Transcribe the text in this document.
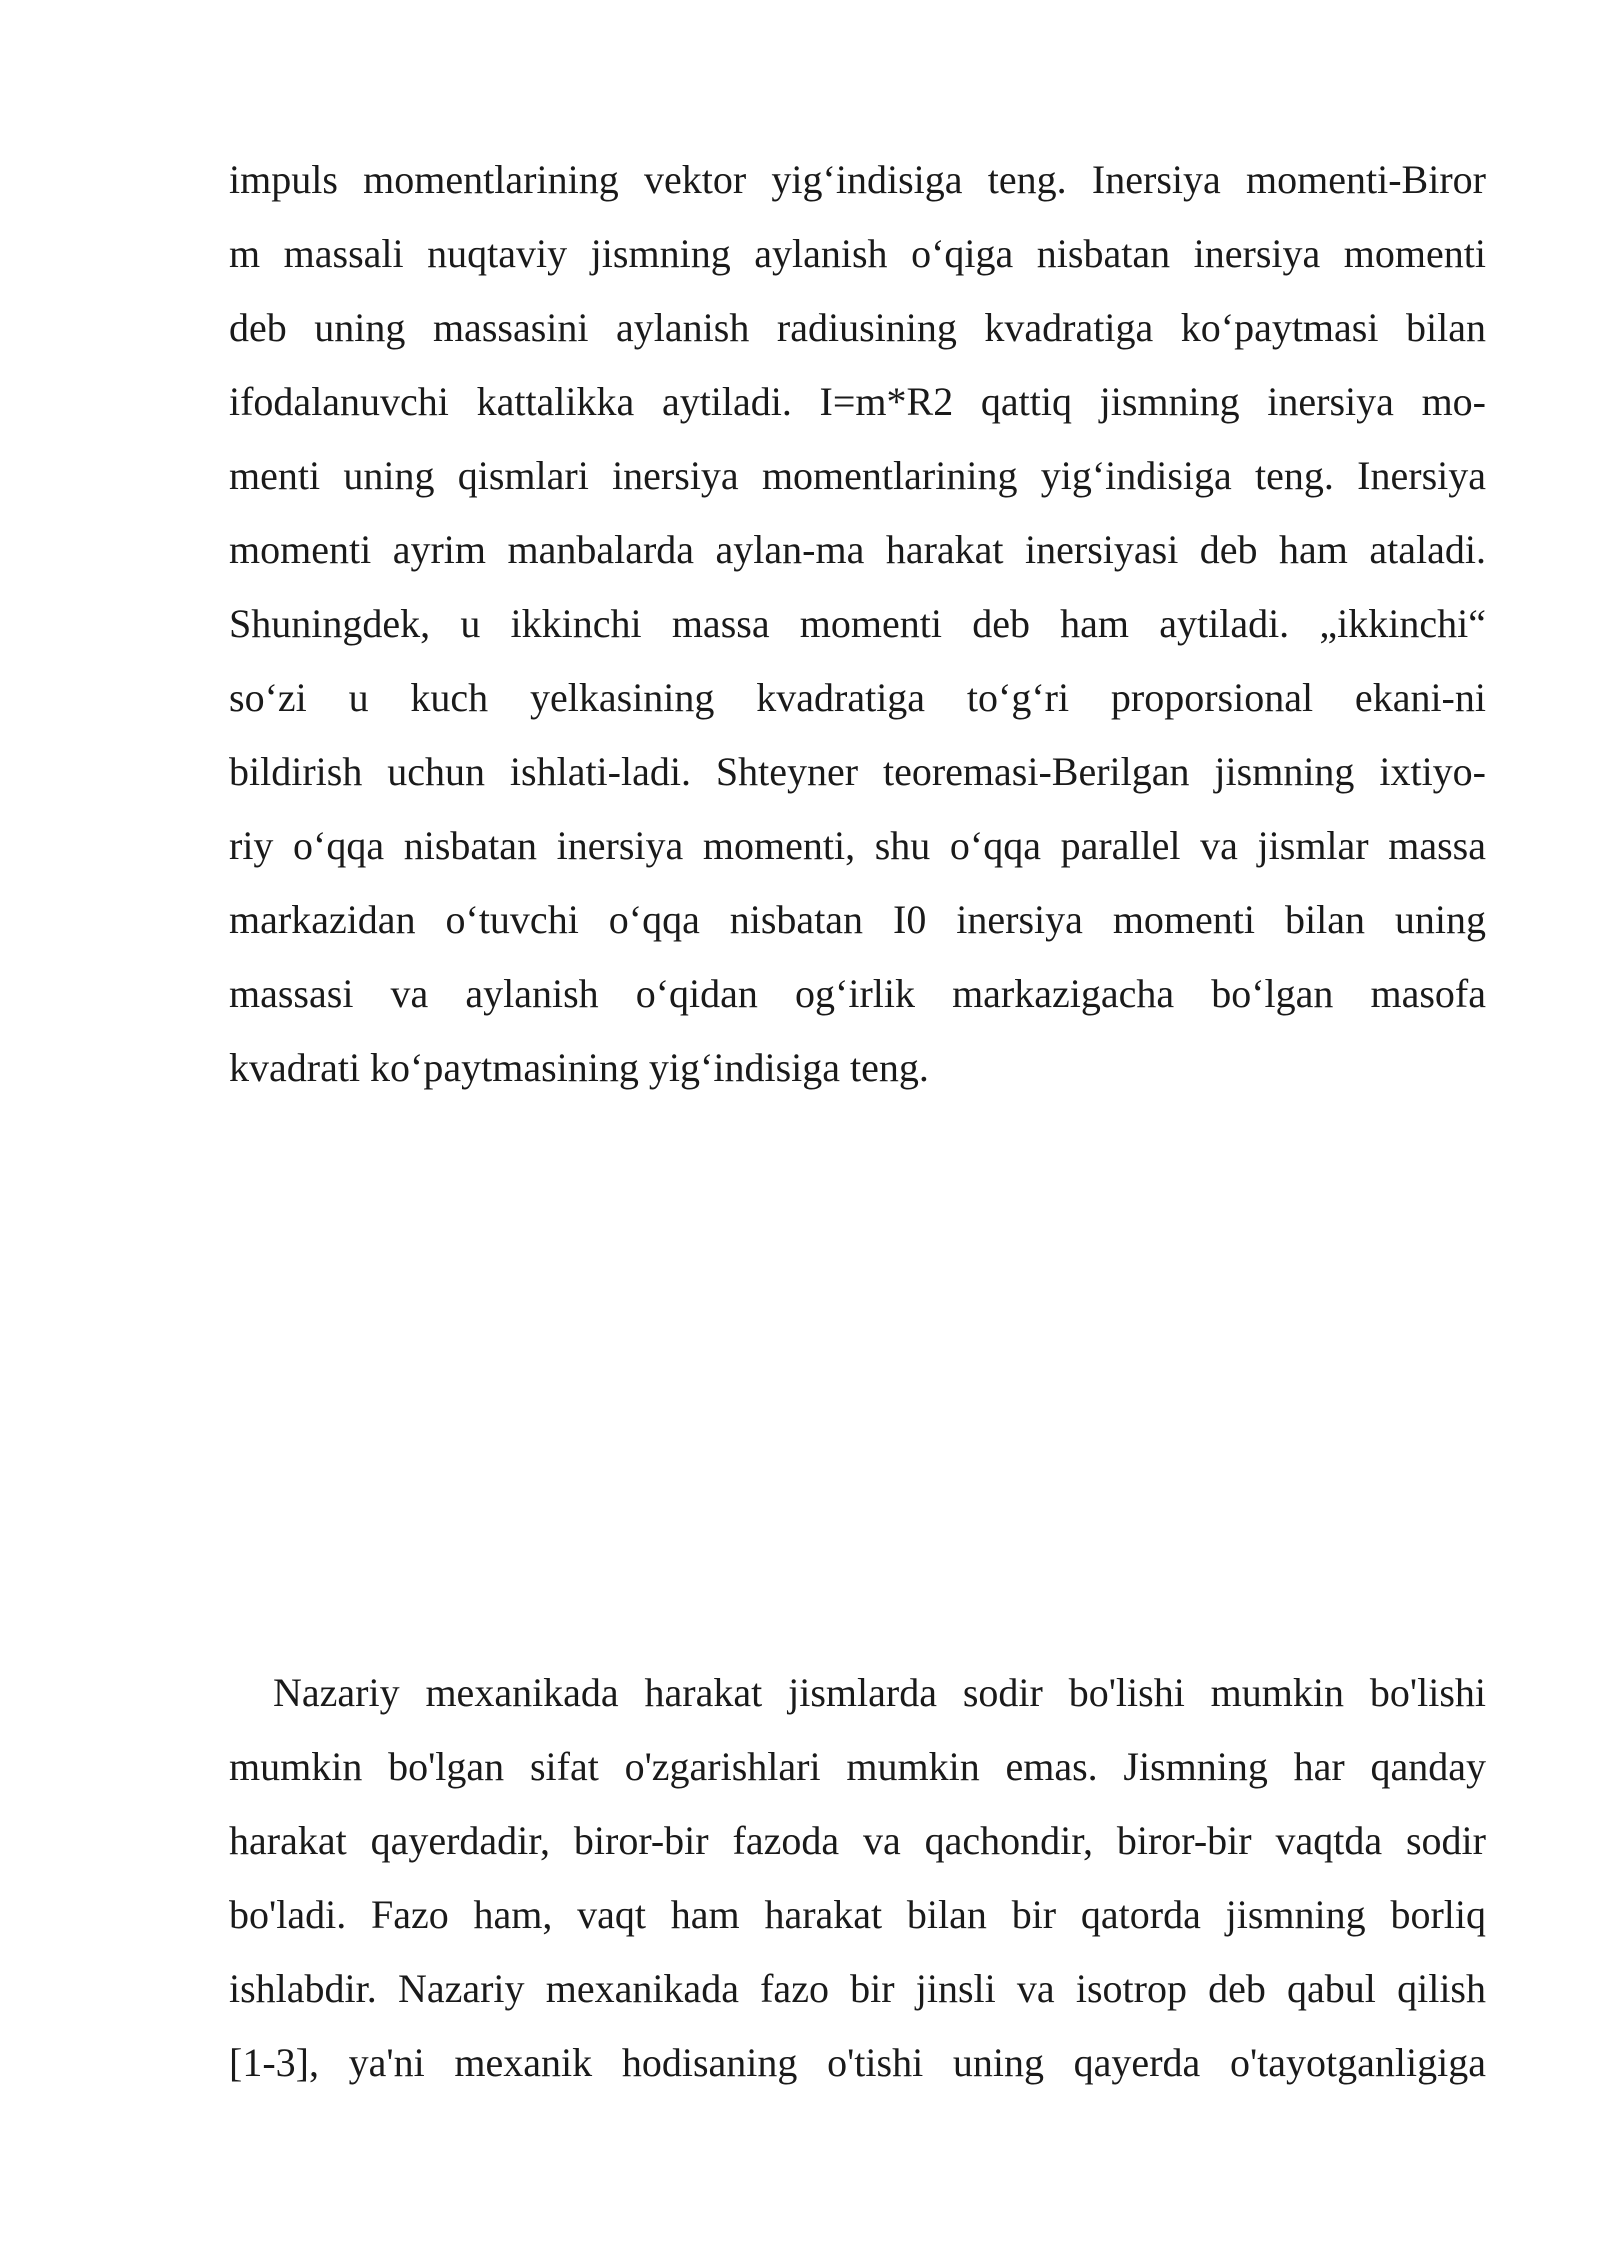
impuls momentlarining vektor yig‘indisiga teng. Inersiya momenti-Biror
m massali nuqtaviy jismning aylanish o‘qiga nisbatan inersiya momenti
deb uning massasini aylanish radiusining kvadratiga ko‘paytmasi bilan
ifodalanuvchi kattalikka aytiladi. I=m*R2 qattiq jismning inersiya mo-
menti uning qismlari inersiya momentlarining yig‘indisiga teng. Inersiya
momenti ayrim manbalarda aylan-ma harakat inersiyasi deb ham ataladi.
Shuningdek, u ikkinchi massa momenti deb ham aytiladi. „ikkinchi“
so‘zi u kuch yelkasining kvadratiga to‘g‘ri proporsional ekani-ni
bildirish uchun ishlati-ladi. Shteyner teoremasi-Berilgan jismning ixtiyo-
riy o‘qqa nisbatan inersiya momenti, shu o‘qqa parallel va jismlar massa
markazidan o‘tuvchi o‘qqa nisbatan I0 inersiya momenti bilan uning
massasi va aylanish o‘qidan og‘irlik markazigacha bo‘lgan masofa
kvadrati ko‘paytmasining yig‘indisiga teng.
Nazariy mexanikada harakat jismlarda sodir bo'lishi mumkin bo'lishi
mumkin bo'lgan sifat o'zgarishlari mumkin emas. Jismning har qanday
harakat qayerdadir, biror-bir fazoda va qachondir, biror-bir vaqtda sodir
bo'ladi. Fazo ham, vaqt ham harakat bilan bir qatorda jismning borliq
ishlabdir. Nazariy mexanikada fazo bir jinsli va isotrop deb qabul qilish
[1-3], ya'ni mexanik hodisaning o'tishi uning qayerda o'tayotganligiga
